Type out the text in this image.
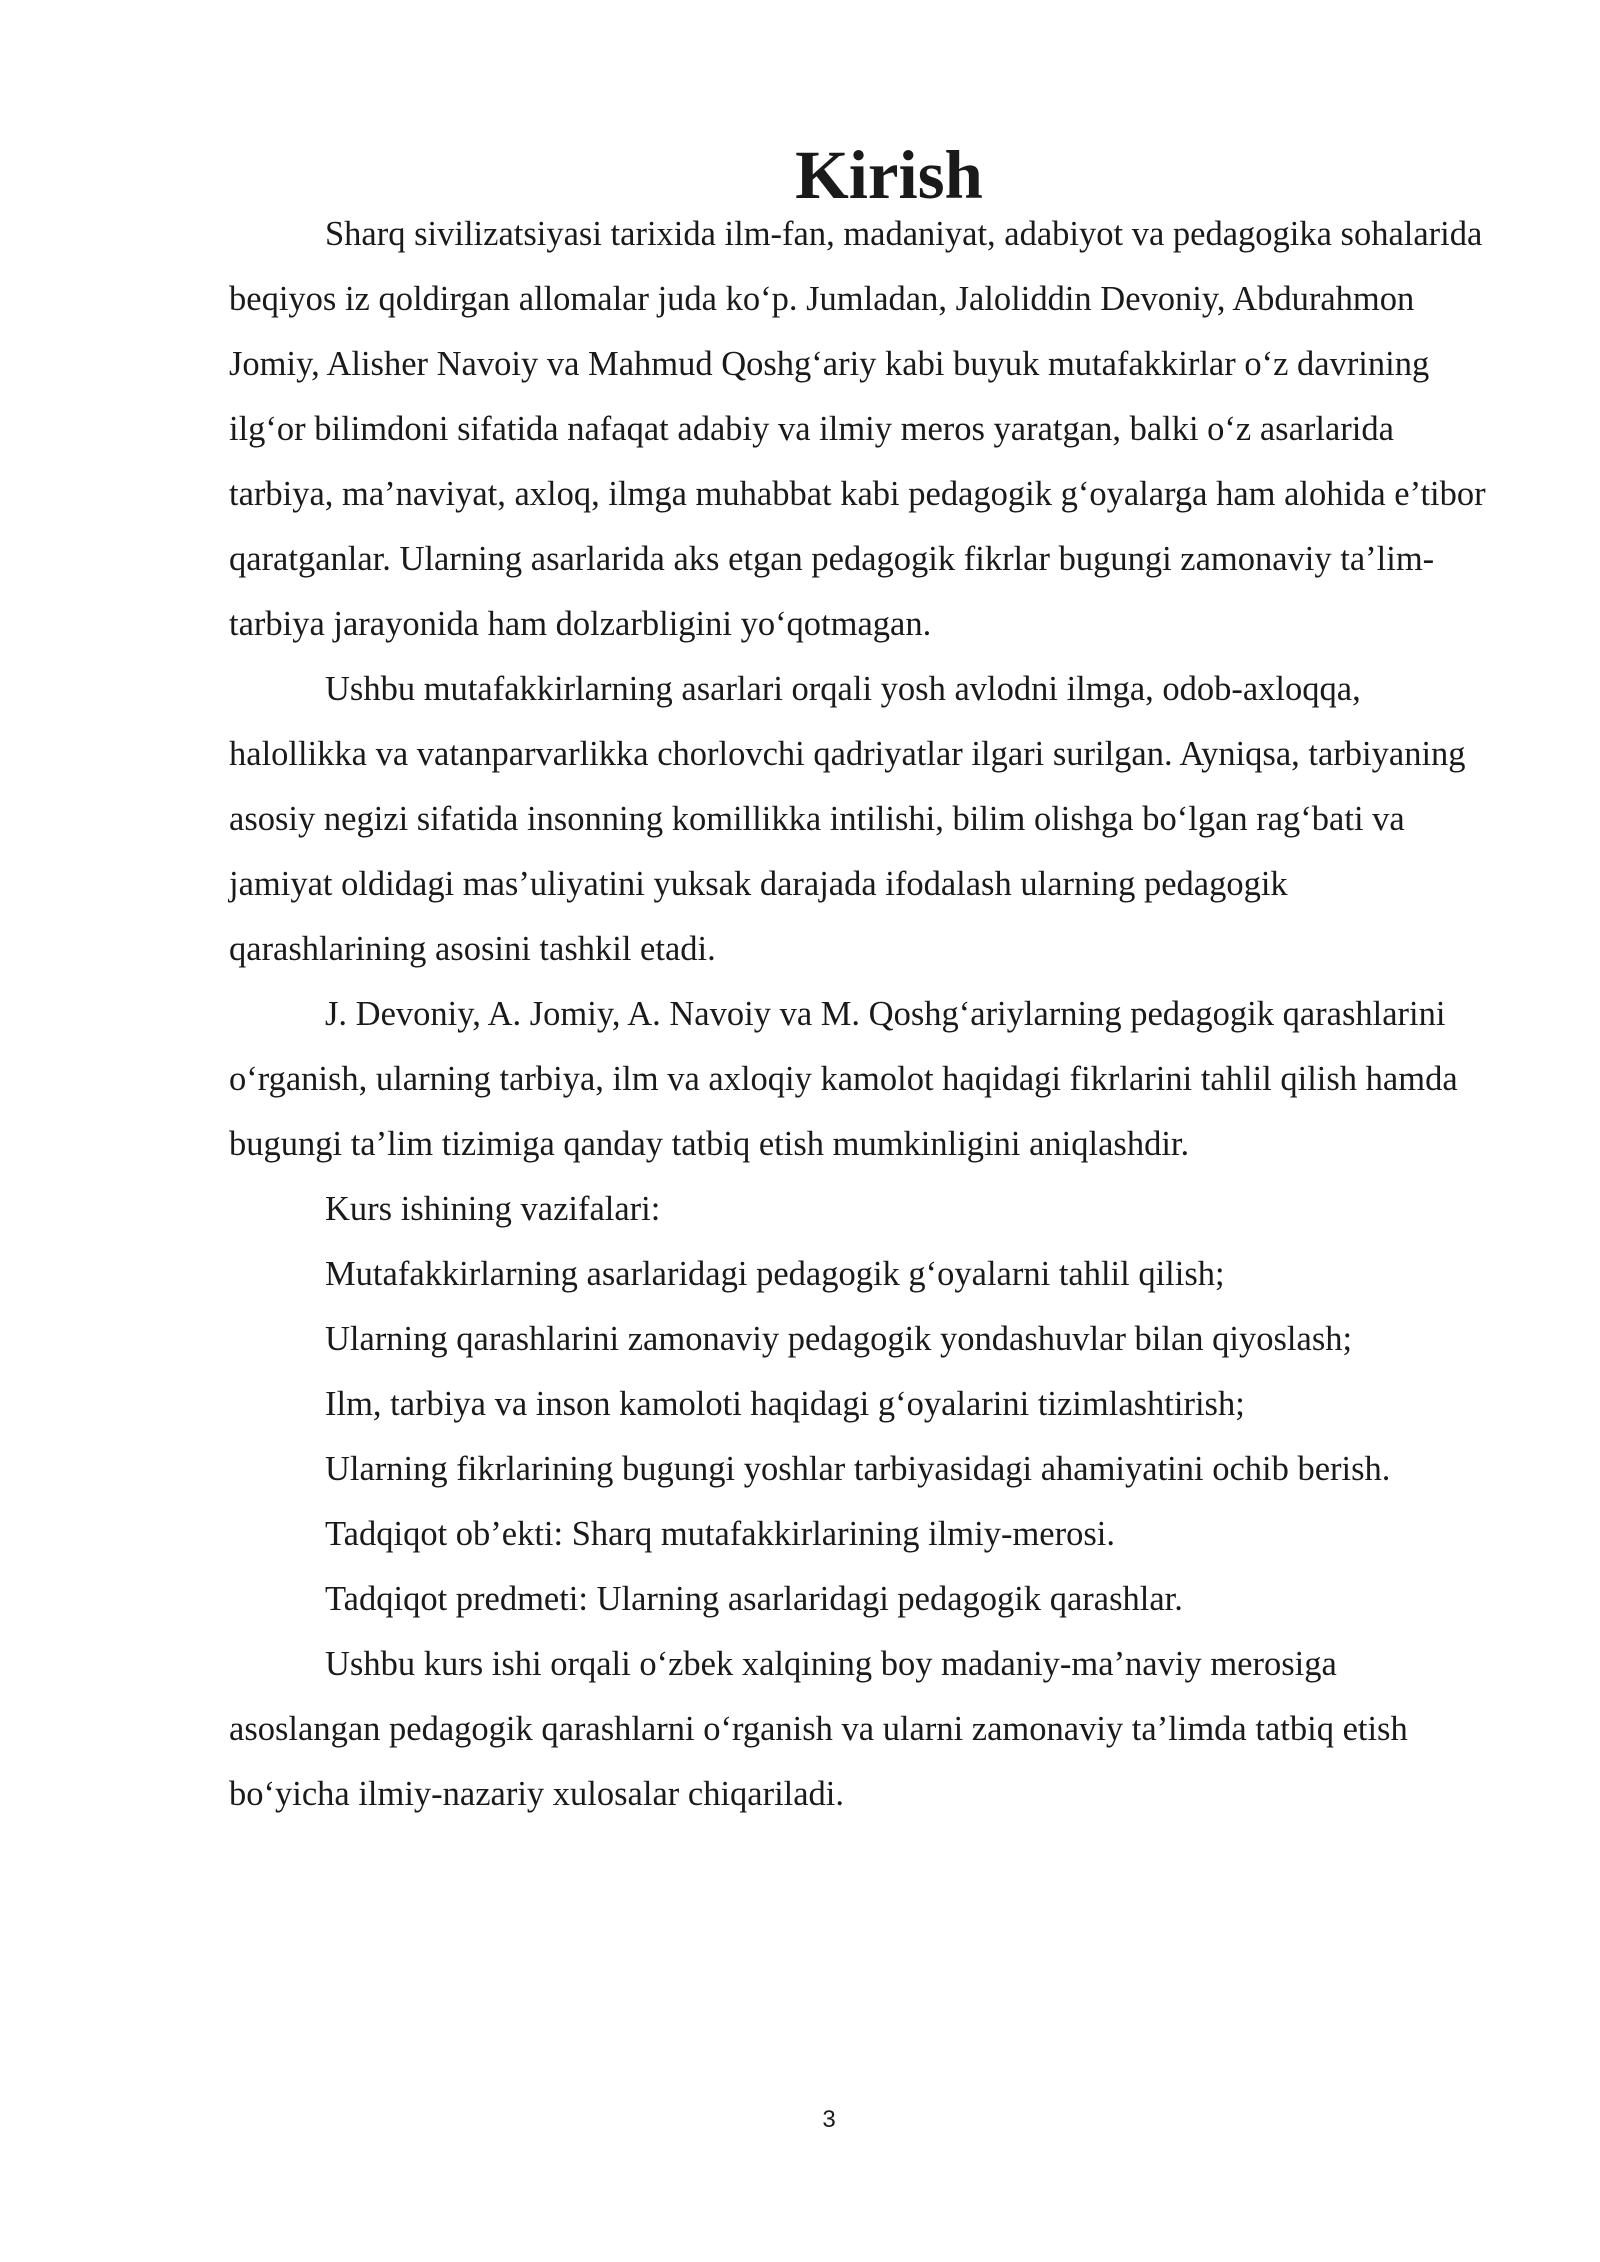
Kirish

Sharq sivilizatsiyasi tarixida ilm-fan, madaniyat, adabiyot va pedagogika sohalarida beqiyos iz qoldirgan allomalar juda ko‘p. Jumladan, Jaloliddin Devoniy, Abdurahmon Jomiy, Alisher Navoiy va Mahmud Qoshg‘ariy kabi buyuk mutafakkirlar o‘z davrining ilg‘or bilimdoni sifatida nafaqat adabiy va ilmiy meros yaratgan, balki o‘z asarlarida tarbiya, ma’naviyat, axloq, ilmga muhabbat kabi pedagogik g‘oyalarga ham alohida e’tibor qaratganlar. Ularning asarlarida aks etgan pedagogik fikrlar bugungi zamonaviy ta’lim-tarbiya jarayonida ham dolzarbligini yo‘qotmagan.

Ushbu mutafakkirlarning asarlari orqali yosh avlodni ilmga, odob-axloqqa, halollikka va vatanparvarlikka chorlovchi qadriyatlar ilgari surilgan. Ayniqsa, tarbiyaning asosiy negizi sifatida insonning komillikka intilishi, bilim olishga bo‘lgan rag‘bati va jamiyat oldidagi mas’uliyatini yuksak darajada ifodalash ularning pedagogik qarashlarining asosini tashkil etadi.

J. Devoniy, A. Jomiy, A. Navoiy va M. Qoshg‘ariylarning pedagogik qarashlarini o‘rganish, ularning tarbiya, ilm va axloqiy kamolot haqidagi fikrlarini tahlil qilish hamda bugungi ta’lim tizimiga qanday tatbiq etish mumkinligini aniqlashdir.

Kurs ishining vazifalari:

Mutafakkirlarning asarlaridagi pedagogik g‘oyalarni tahlil qilish;

Ularning qarashlarini zamonaviy pedagogik yondashuvlar bilan qiyoslash;

Ilm, tarbiya va inson kamoloti haqidagi g‘oyalarini tizimlashtirish;

Ularning fikrlarining bugungi yoshlar tarbiyasidagi ahamiyatini ochib berish.

Tadqiqot ob’ekti: Sharq mutafakkirlarining ilmiy-merosi.

Tadqiqot predmeti: Ularning asarlaridagi pedagogik qarashlar.

Ushbu kurs ishi orqali o‘zbek xalqining boy madaniy-ma’naviy merosiga asoslangan pedagogik qarashlarni o‘rganish va ularni zamonaviy ta’limda tatbiq etish bo‘yicha ilmiy-nazariy xulosalar chiqariladi.

3
